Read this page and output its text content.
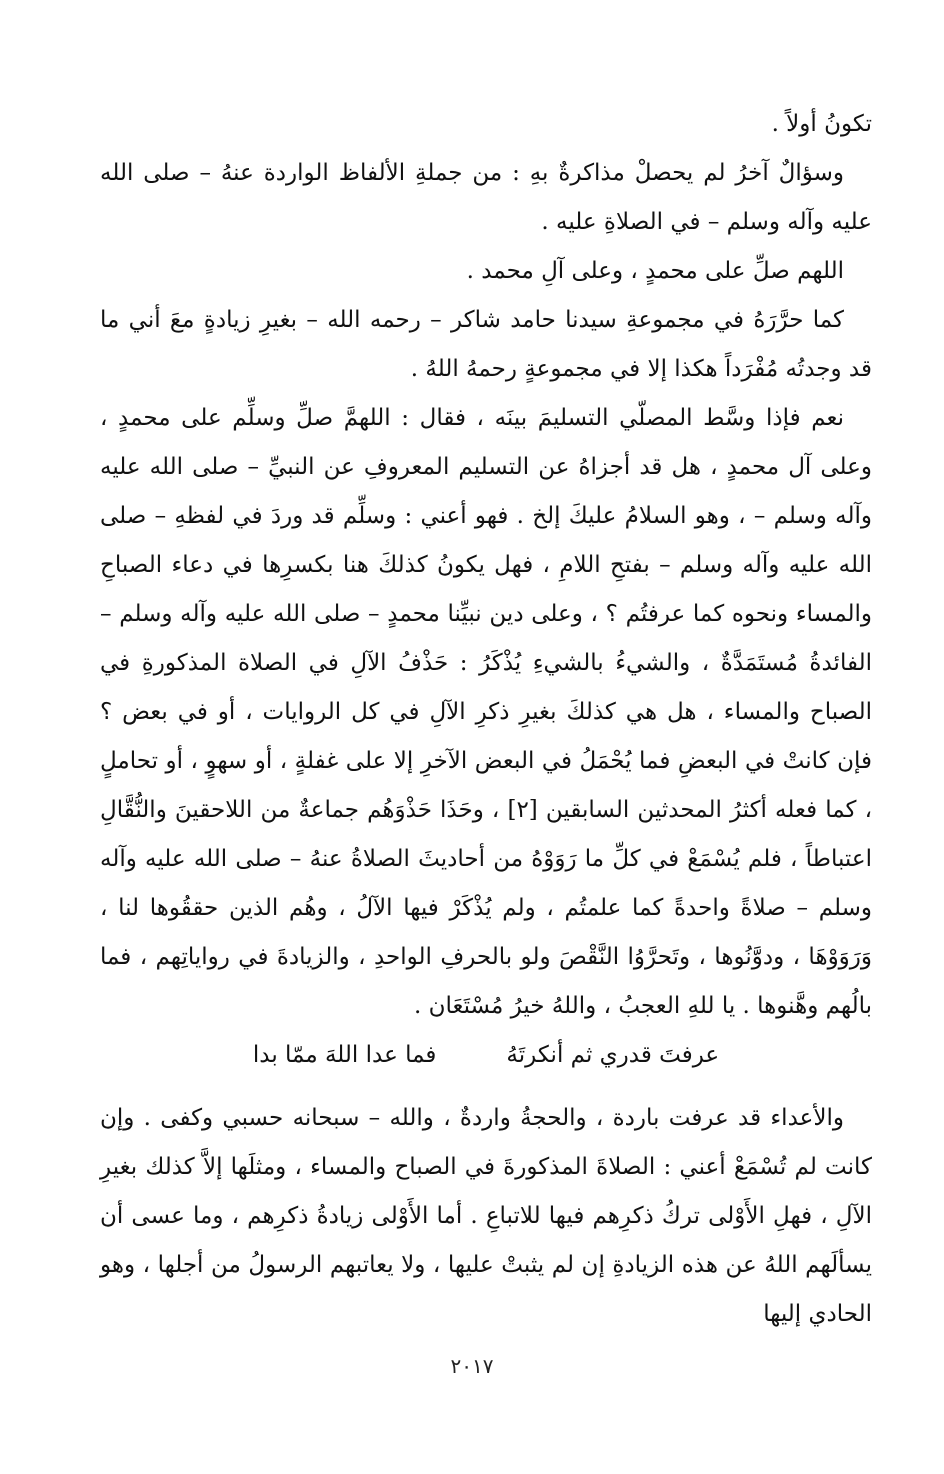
تكونُ أولاً .

وسؤالٌ آخرُ لم يحصلْ مذاكرةٌ بهِ : من جملةِ الألفاظ الواردة عنهُ – صلى الله عليه وآله وسلم – في الصلاةِ عليه .

اللهم صلِّ على محمدٍ ، وعلى آلِ محمد .

كما حرَّرَهُ في مجموعةِ سيدنا حامد شاكر – رحمه الله – بغيرِ زيادةٍ معَ أني ما قد وجدتُه مُفْرَداً هكذا إلا في مجموعةٍ رحمهُ اللهُ .

نعم فإذا وسَّط المصلّي التسليمَ بينَه ، فقال : اللهمَّ صلِّ وسلِّم على محمدٍ ، وعلى آل محمدٍ ، هل قد أجزاهُ عن التسليم المعروفِ عن النبيِّ – صلى الله عليه وآله وسلم – ، وهو السلامُ عليكَ إلخ . فهو أعني : وسلِّم قد وردَ في لفظهِ – صلى الله عليه وآله وسلم – بفتحِ اللامِ ، فهل يكونُ كذلكَ هنا بكسرِها في دعاء الصباحِ والمساء ونحوه كما عرفتُم ؟ ، وعلى دين نبيِّنا محمدٍ – صلى الله عليه وآله وسلم – الفائدةُ مُستَمَدَّةٌ ، والشيءُ بالشيءِ يُذْكَرُ : حَذْفُ الآلِ في الصلاة المذكورةِ في الصباح والمساء ، هل هي كذلكَ بغيرِ ذكرِ الآلِ في كل الروايات ، أو في بعض ؟ فإن كانتْ في البعضِ فما يُحْمَلُ في البعض الآخرِ إلا على غفلةٍ ، أو سهوٍ ، أو تحاملٍ ، كما فعله أكثرُ المحدثين السابقين [٢] ، وحَذَا حَذْوَهُم جماعةٌ من اللاحقينَ والنُّقَّالِ اعتباطاً ، فلم يُسْمَعْ في كلِّ ما رَوَوْهُ من أحاديثَ الصلاةُ عنهُ – صلى الله عليه وآله وسلم – صلاةً واحدةً كما علمتُم ، ولم يُذْكَرْ فيها الآلُ ، وهُم الذين حققُوها لنا ، وَرَوَوْهَا ، ودوَّنُوها ، وتَحرَّوُا النَّقْصَ ولو بالحرفِ الواحدِ ، والزيادةَ في رواياتِهم ، فما بالُهم وهَّنوها . يا للهِ العجبُ ، واللهُ خيرُ مُسْتَعَان .

عرفتَ قدري ثم أنكرتَهُ
فما عدا اللهَ ممّا بدا

والأعداء قد عرفت باردة ، والحجةُ واردةٌ ، والله – سبحانه حسبي وكفى . وإن كانت لم تُسْمَعْ أعني : الصلاةَ المذكورةَ في الصباح والمساء ، ومثلَها إلاَّ كذلك بغيرِ الآلِ ، فهلِ الأَوْلى تركُ ذكرِهم فيها للاتباعِ . أما الأَوْلى زيادةُ ذكرِهم ، وما عسى أن يسألَهم اللهُ عن هذه الزيادةِ إن لم يثبتْ عليها ، ولا يعاتبهم الرسولُ من أجلها ، وهو الحادي إليها

٢٠١٧
